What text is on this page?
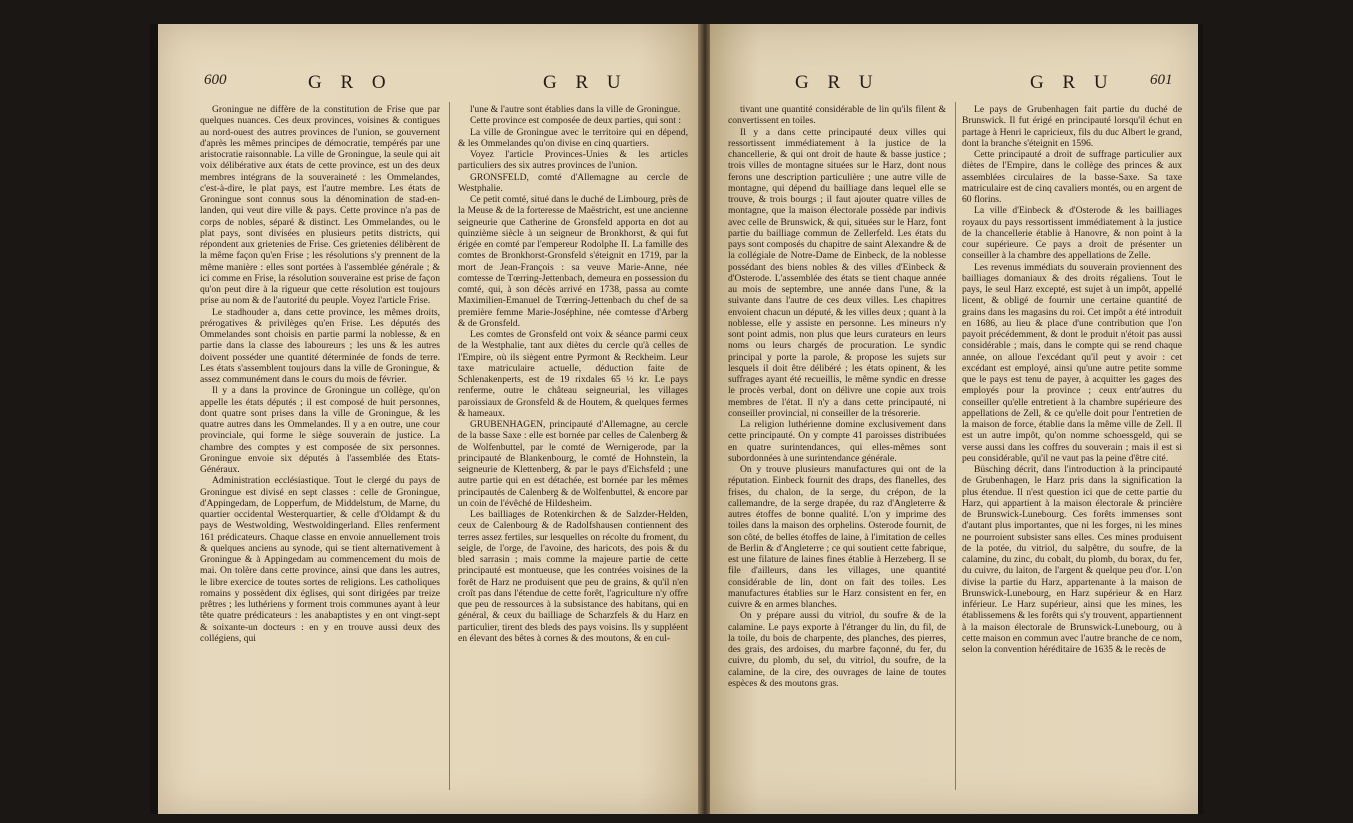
600	G R O	G R U

Groningue ne diffère de la constitution de Frise que par quelques nuances. Ces deux provinces, voisines & contigues au nord-ouest des autres provinces de l'union, se gouvernent d'après les mêmes principes de démocratie, tempérés par une aristocratie raisonnable. La ville de Groningue, la seule qui ait voix délibérative aux états de cette province, est un des deux membres intégrans de la souveraineté : les Ommelandes, c'est-à-dire, le plat pays, est l'autre membre. Les états de Groningue sont connus sous la dénomination de stad-en-landen, qui veut dire ville & pays. Cette province n'a pas de corps de nobles, séparé & distinct. Les Ommelandes, ou le plat pays, sont divisées en plusieurs petits districts, qui répondent aux grietenies de Frise. Ces grietenies délibèrent de la même façon qu'en Frise ; les résolutions s'y prennent de la même manière : elles sont portées à l'assemblée générale ; & ici comme en Frise, la résolution souveraine est prise de façon qu'on peut dire à la rigueur que cette résolution est toujours prise au nom & de l'autorité du peuple. Voyez l'article Frise.

Le stadhouder a, dans cette province, les mêmes droits, prérogatives & privilèges qu'en Frise. Les députés des Ommelandes sont choisis en partie parmi la noblesse, & en partie dans la classe des laboureurs ; les uns & les autres doivent posséder une quantité déterminée de fonds de terre. Les états s'assemblent toujours dans la ville de Groningue, & assez communément dans le cours du mois de février.

Il y a dans la province de Groningue un collège, qu'on appelle les états députés ; il est composé de huit personnes, dont quatre sont prises dans la ville de Groningue, & les quatre autres dans les Ommelandes. Il y a en outre, une cour provinciale, qui forme le siège souverain de justice. La chambre des comptes y est composée de six personnes. Groningue envoie six députés à l'assemblée des Etats-Généraux.

Administration ecclésiastique. Tout le clergé du pays de Groningue est divisé en sept classes : celle de Groningue, d'Appingedam, de Lopperfum, de Middelstum, de Marne, du quartier occidental Westerquartier, & celle d'Oldampt & du pays de Westwolding, Westwoldingerland. Elles renferment 161 prédicateurs. Chaque classe en envoie annuellement trois & quelques anciens au synode, qui se tient alternativement à Groningue & à Appingedam au commencement du mois de mai. On tolère dans cette province, ainsi que dans les autres, le libre exercice de toutes sortes de religions. Les catholiques romains y possèdent dix églises, qui sont dirigées par treize prêtres ; les luthériens y forment trois communes ayant à leur tête quatre prédicateurs : les anabaptistes y en ont vingt-sept & soixante-un docteurs : en y en trouve aussi deux des collégiens, qui

l'une & l'autre sont établies dans la ville de Groningue.

Cette province est composée de deux parties, qui sont :

La ville de Groningue avec le territoire qui en dépend, & les Ommelandes qu'on divise en cinq quartiers.

Voyez l'article Provinces-Unies & les articles particuliers des six autres provinces de l'union.

GRONSFELD, comté d'Allemagne au cercle de Westphalie.

Ce petit comté, situé dans le duché de Limbourg, près de la Meuse & de la forteresse de Maëstricht, est une ancienne seigneurie que Catherine de Gronsfeld apporta en dot au quinzième siècle à un seigneur de Bronkhorst, & qui fut érigée en comté par l'empereur Rodolphe II. La famille des comtes de Bronkhorst-Gronsfeld s'éteignit en 1719, par la mort de Jean-François : sa veuve Marie-Anne, née comtesse de Tœrring-Jettenbach, demeura en possession du comté, qui, à son décès arrivé en 1738, passa au comte Maximilien-Emanuel de Tœrring-Jettenbach du chef de sa première femme Marie-Joséphine, née comtesse d'Arberg & de Gronsfeld.

Les comtes de Gronsfeld ont voix & séance parmi ceux de la Westphalie, tant aux diètes du cercle qu'à celles de l'Empire, où ils siègent entre Pyrmont & Reckheim. Leur taxe matriculaire actuelle, déduction faite de Schlenakenperts, est de 19 rixdales 65 ½ kr. Le pays renferme, outre le château seigneurial, les villages paroissiaux de Gronsfeld & de Houtem, & quelques fermes & hameaux.

GRUBENHAGEN, principauté d'Allemagne, au cercle de la basse Saxe : elle est bornée par celles de Calenberg & de Wolfenbuttel, par le comté de Wernigerode, par la principauté de Blankenbourg, le comté de Hohnstein, la seigneurie de Klettenberg, & par le pays d'Eichsfeld ; une autre partie qui en est détachée, est bornée par les mêmes principautés de Calenberg & de Wolfenbuttel, & encore par un coin de l'évêché de Hildesheim.

Les bailliages de Rotenkirchen & de Salzder-Helden, ceux de Calenbourg & de Radolfshausen contiennent des terres assez fertiles, sur lesquelles on récolte du froment, du seigle, de l'orge, de l'avoine, des haricots, des pois & du bled sarrasin ; mais comme la majeure partie de cette principauté est montueuse, que les contrées voisines de la forêt de Harz ne produisent que peu de grains, & qu'il n'en croît pas dans l'étendue de cette forêt, l'agriculture n'y offre que peu de ressources à la subsistance des habitans, qui en général, & ceux du bailliage de Scharzfels & du Harz en particulier, tirent des bleds des pays voisins. Ils y suppléent en élevant des bêtes à cornes & des moutons, & en cul-

G R U	G R U 601

tivant une quantité considérable de lin qu'ils filent & convertissent en toiles.

Il y a dans cette principauté deux villes qui ressortissent immédiatement à la justice de la chancellerie, & qui ont droit de haute & basse justice ; trois villes de montagne situées sur le Harz, dont nous ferons une description particulière ; une autre ville de montagne, qui dépend du bailliage dans lequel elle se trouve, & trois bourgs ; il faut ajouter quatre villes de montagne, que la maison électorale possède par indivis avec celle de Brunswick, & qui, situées sur le Harz, font partie du bailliage commun de Zellerfeld. Les états du pays sont composés du chapitre de saint Alexandre & de la collégiale de Notre-Dame de Einbeck, de la noblesse possédant des biens nobles & des villes d'Einbeck & d'Osterode. L'assemblée des états se tient chaque année au mois de septembre, une année dans l'une, & la suivante dans l'autre de ces deux villes. Les chapitres envoient chacun un député, & les villes deux ; quant à la noblesse, elle y assiste en personne. Les mineurs n'y sont point admis, non plus que leurs curateurs en leurs noms ou leurs chargés de procuration. Le syndic principal y porte la parole, & propose les sujets sur lesquels il doit être délibéré ; les états opinent, & les suffrages ayant été recueillis, le même syndic en dresse le procès verbal, dont on délivre une copie aux trois membres de l'état. Il n'y a dans cette principauté, ni conseiller provincial, ni conseiller de la trésorerie.

La religion luthérienne domine exclusivement dans cette principauté. On y compte 41 paroisses distribuées en quatre surintendances, qui elles-mêmes sont subordonnées à une surintendance générale.

On y trouve plusieurs manufactures qui ont de la réputation. Einbeck fournit des draps, des flanelles, des frises, du chalon, de la serge, du crépon, de la callemandre, de la serge drapée, du raz d'Angleterre & autres étoffes de bonne qualité. L'on y imprime des toiles dans la maison des orphelins. Osterode fournit, de son côté, de belles étoffes de laine, à l'imitation de celles de Berlin & d'Angleterre ; ce qui soutient cette fabrique, est une filature de laines fines établie à Herzeberg. Il se file d'ailleurs, dans les villages, une quantité considérable de lin, dont on fait des toiles. Les manufactures établies sur le Harz consistent en fer, en cuivre & en armes blanches.

On y prépare aussi du vitriol, du soufre & de la calamine. Le pays exporte à l'étranger du lin, du fil, de la toile, du bois de charpente, des planches, des pierres, des grais, des ardoises, du marbre façonné, du fer, du cuivre, du plomb, du sel, du vitriol, du soufre, de la calamine, de la cire, des ouvrages de laine de toutes espèces & des moutons gras.

Le pays de Grubenhagen fait partie du duché de Brunswick. Il fut érigé en principauté lorsqu'il échut en partage à Henri le capricieux, fils du duc Albert le grand, dont la branche s'éteignit en 1596.

Cette principauté a droit de suffrage particulier aux diètes de l'Empire, dans le collège des princes & aux assemblées circulaires de la basse-Saxe. Sa taxe matriculaire est de cinq cavaliers montés, ou en argent de 60 florins.

La ville d'Einbeck & d'Osterode & les bailliages royaux du pays ressortissent immédiatement à la justice de la chancellerie établie à Hanovre, & non point à la cour supérieure. Ce pays a droit de présenter un conseiller à la chambre des appellations de Zelle.

Les revenus immédiats du souverain proviennent des bailliages domaniaux & des droits régaliens. Tout le pays, le seul Harz excepté, est sujet à un impôt, appellé licent, & obligé de fournir une certaine quantité de grains dans les magasins du roi. Cet impôt a été introduit en 1686, au lieu & place d'une contribution que l'on payoit précédemment, & dont le produit n'étoit pas aussi considérable ; mais, dans le compte qui se rend chaque année, on alloue l'excédant qu'il peut y avoir : cet excédant est employé, ainsi qu'une autre petite somme que le pays est tenu de payer, à acquitter les gages des employés pour la province ; ceux entr'autres du conseiller qu'elle entretient à la chambre supérieure des appellations de Zell, & ce qu'elle doit pour l'entretien de la maison de force, établie dans la même ville de Zell. Il est un autre impôt, qu'on nomme schoessgeld, qui se verse aussi dans les coffres du souverain ; mais il est si peu considérable, qu'il ne vaut pas la peine d'être cité.

Büsching décrit, dans l'introduction à la principauté de Grubenhagen, le Harz pris dans la signification la plus étendue. Il n'est question ici que de cette partie du Harz, qui appartient à la maison électorale & princière de Brunswick-Lunebourg. Ces forêts immenses sont d'autant plus importantes, que ni les forges, ni les mines ne pourroient subsister sans elles. Ces mines produisent de la potée, du vitriol, du salpêtre, du soufre, de la calamine, du zinc, du cobalt, du plomb, du borax, du fer, du cuivre, du laiton, de l'argent & quelque peu d'or. L'on divise la partie du Harz, appartenante à la maison de Brunswick-Lunebourg, en Harz supérieur & en Harz inférieur. Le Harz supérieur, ainsi que les mines, les établissemens & les forêts qui s'y trouvent, appartiennent à la maison électorale de Brunswick-Lunebourg, ou à cette maison en commun avec l'autre branche de ce nom, selon la convention héréditaire de 1635 & le recès de
